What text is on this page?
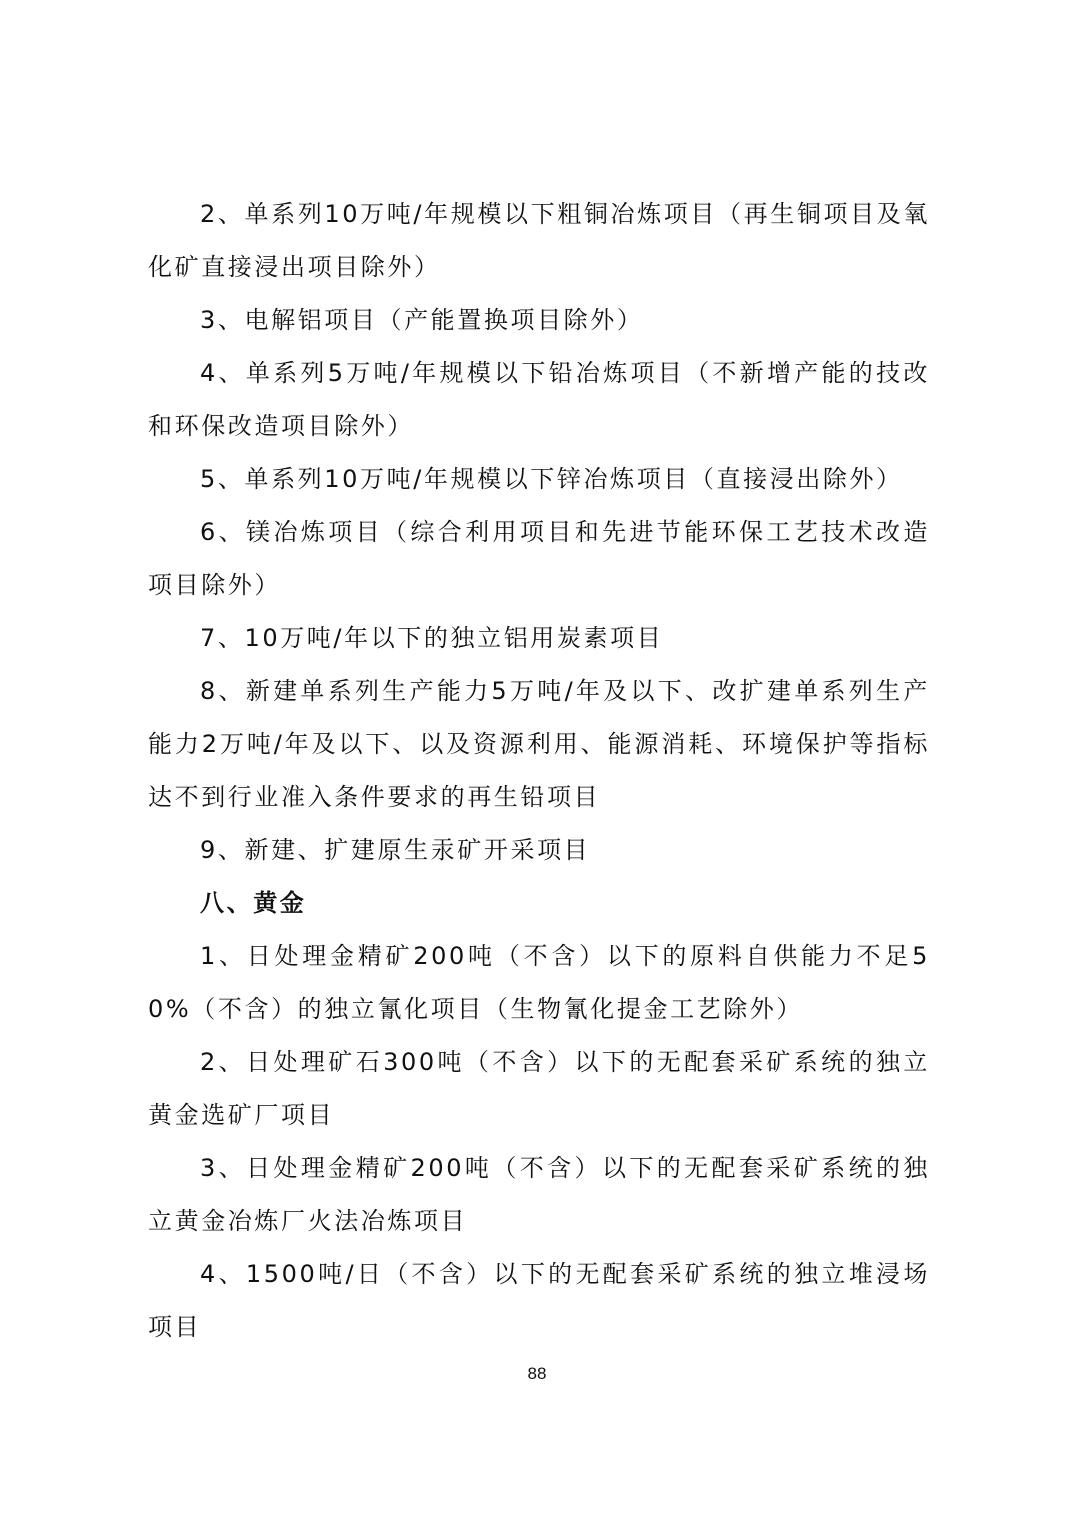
2、单系列10万吨/年规模以下粗铜冶炼项目（再生铜项目及氧化矿直接浸出项目除外）

3、电解铝项目（产能置换项目除外）

4、单系列5万吨/年规模以下铅冶炼项目（不新增产能的技改和环保改造项目除外）

5、单系列10万吨/年规模以下锌冶炼项目（直接浸出除外）

6、镁冶炼项目（综合利用项目和先进节能环保工艺技术改造项目除外）

7、10万吨/年以下的独立铝用炭素项目

8、新建单系列生产能力5万吨/年及以下、改扩建单系列生产能力2万吨/年及以下、以及资源利用、能源消耗、环境保护等指标达不到行业准入条件要求的再生铅项目

9、新建、扩建原生汞矿开采项目

八、黄金

1、日处理金精矿200吨（不含）以下的原料自供能力不足50%（不含）的独立氰化项目（生物氰化提金工艺除外）

2、日处理矿石300吨（不含）以下的无配套采矿系统的独立黄金选矿厂项目

3、日处理金精矿200吨（不含）以下的无配套采矿系统的独立黄金冶炼厂火法冶炼项目

4、1500吨/日（不含）以下的无配套采矿系统的独立堆浸场项目

88
